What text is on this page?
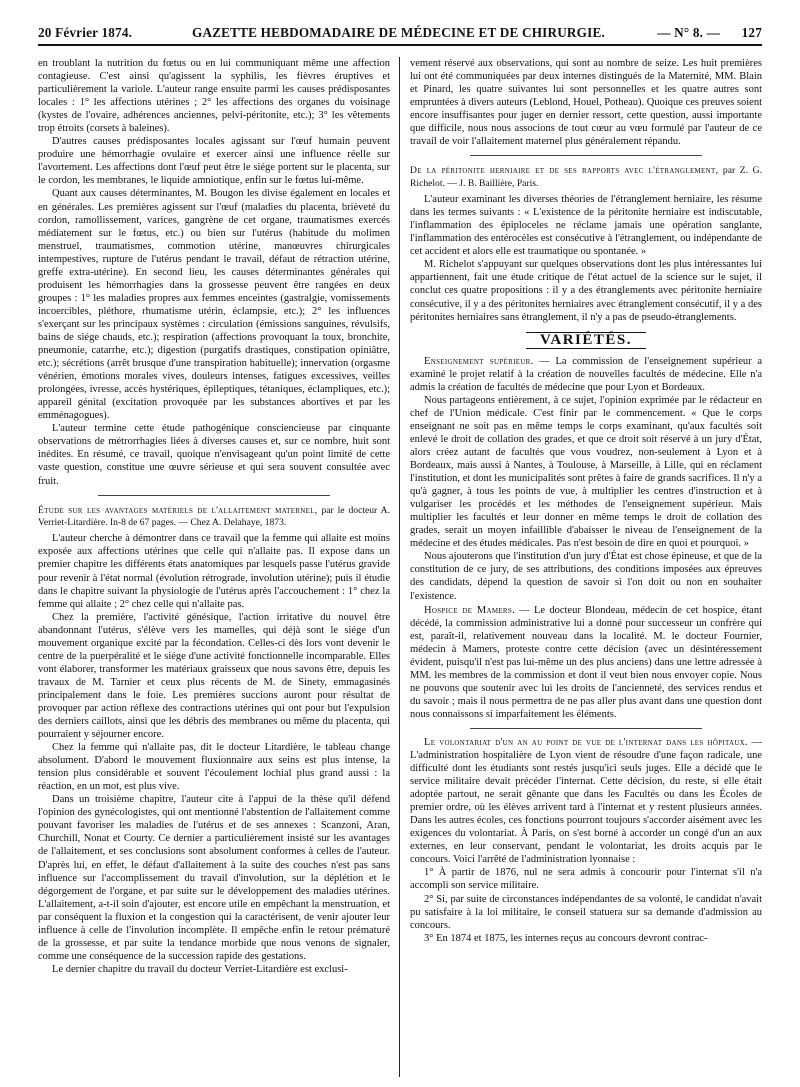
20 Février 1874.	GAZETTE HEBDOMADAIRE DE MÉDECINE ET DE CHIRURGIE.	— N° 8. — 127

en troublant la nutrition du fœtus ou en lui communiquant même une affection contagieuse. C'est ainsi qu'agissent la syphilis, les fièvres éruptives et particulièrement la variole. L'auteur range ensuite parmi les causes prédisposantes locales : 1° les affections utérines ; 2° les affections des organes du voisinage (kystes de l'ovaire, adhérences anciennes, pelvi-péritonite, etc.); 3° les vêtements trop étroits (corsets à baleines).

D'autres causes prédisposantes locales agissant sur l'œuf humain peuvent produire une hémorrhagie ovulaire et exercer ainsi une influence réelle sur l'avortement. Les affections dont l'œuf peut être le siége portent sur le placenta, sur le cordon, les membranes, le liquide amniotique, enfin sur le fœtus lui-même.

Quant aux causes déterminantes, M. Bougon les divise également en locales et en générales. Les premières agissent sur l'œuf (maladies du placenta, brièveté du cordon, ramollissement, varices, gangrène de cet organe, traumatismes exercés médiatement sur le fœtus, etc.) ou bien sur l'utérus (habitude du molimen menstruel, traumatismes, commotion utérine, manœuvres chirurgicales intempestives, rupture de l'utérus pendant le travail, défaut de rétraction utérine, greffe extra-utérine). En second lieu, les causes déterminantes générales qui produisent les hémorrhagies dans la grossesse peuvent être rangées en deux groupes : 1° les maladies propres aux femmes enceintes (gastralgie, vomissements incoercibles, pléthore, rhumatisme utérin, éclampsie, etc.); 2° les influences s'exerçant sur les principaux systèmes : circulation (émissions sanguines, révulsifs, bains de siége chauds, etc.); respiration (affections provoquant la toux, bronchite, pneumonie, catarrhe, etc.); digestion (purgatifs drastiques, constipation opiniâtre, etc.); sécrétions (arrêt brusque d'une transpiration habituelle); innervation (orgasme vénérien, émotions morales vives, douleurs intenses, fatigues excessives, veilles prolongées, ivresse, accès hystériques, épileptiques, tétaniques, éclampliques, etc.); appareil génital (excitation provoquée par les substances abortives et par les emménagogues).

L'auteur termine cette étude pathogénique consciencieuse par cinquante observations de métrorrhagies liées à diverses causes et, sur ce nombre, huit sont inédites. En résumé, ce travail, quoique n'envisageant qu'un point limité de cette vaste question, constitue une œuvre sérieuse et qui sera souvent consultée avec fruit.

Étude sur les avantages matériels de l'allaitement maternel, par le docteur A. Verriet-Litardière. In-8 de 67 pages. — Chez A. Delahaye, 1873.

L'auteur cherche à démontrer dans ce travail que la femme qui allaite est moins exposée aux affections utérines que celle qui n'allaite pas. Il expose dans un premier chapitre les différents états anatomiques par lesquels passe l'utérus gravide pour revenir à l'état normal (évolution rétrograde, involution utérine); puis il étudie dans le chapitre suivant la physiologie de l'utérus après l'accouchement : 1° chez la femme qui allaite ; 2° chez celle qui n'allaite pas.

Chez la première, l'activité génésique, l'action irritative du nouvel être abandonnant l'utérus, s'élève vers les mamelles, qui déjà sont le siége d'un mouvement organique excité par la fécondation. Celles-ci dès lors vont devenir le centre de la puerpéralité et le siége d'une activité fonctionnelle incomparable. Elles vont élaborer, transformer les matériaux graisseux que nous savons être, depuis les travaux de M. Tarnier et ceux plus récents de M. de Sinety, emmagasinés principalement dans le foie. Les premières succions auront pour résultat de provoquer par action réflexe des contractions utérines qui ont pour but l'expulsion des derniers caillots, ainsi que les débris des membranes ou même du placenta, qui pourraient y séjourner encore.

Chez la femme qui n'allaite pas, dit le docteur Litardière, le tableau change absolument. D'abord le mouvement fluxionnaire aux seins est plus intense, la tension plus considérable et souvent l'écoulement lochial plus grand aussi : la réaction, en un mot, est plus vive.

Dans un troisième chapitre, l'auteur cite à l'appui de la thèse qu'il défend l'opinion des gynécologistes, qui ont mentionné l'abstention de l'allaitement comme pouvant favoriser les maladies de l'utérus et de ses annexes : Scanzoni, Aran, Churchill, Nonat et Courty. Ce dernier a particulièrement insisté sur les avantages de l'allaitement, et ses conclusions sont absolument conformes à celles de l'auteur. D'après lui, en effet, le défaut d'allaitement à la suite des couches n'est pas sans influence sur l'accomplissement du travail d'involution, sur la déplétion et le dégorgement de l'organe, et par suite sur le développement des maladies utérines. L'allaitement, a-t-il soin d'ajouter, est encore utile en empêchant la menstruation, et par conséquent la fluxion et la congestion qui la caractérisent, de venir ajouter leur influence à celle de l'involution incomplète. Il empêche enfin le retour prématuré de la grossesse, et par suite la tendance morbide que nous venons de signaler, comme une conséquence de la succession rapide des gestations.

Le dernier chapitre du travail du docteur Verriet-Litardière est exclusi-

vement réservé aux observations, qui sont au nombre de seize. Les huit premières lui ont été communiquées par deux internes distingués de la Maternité, MM. Blain et Pinard, les quatre suivantes lui sont personnelles et les quatre autres sont empruntées à divers auteurs (Leblond, Houel, Potheau). Quoique ces preuves soient encore insuffisantes pour juger en dernier ressort, cette question, aussi importante que difficile, nous nous associons de tout cœur au vœu formulé par l'auteur de ce travail de voir l'allaitement maternel plus généralement répandu.

De la péritonite herniaire et de ses rapports avec l'étranglement, par Z. G. Richelot. — J. B. Baillière, Paris.

L'auteur examinant les diverses théories de l'étranglement herniaire, les résume dans les termes suivants : « L'existence de la péritonite herniaire est indiscutable, l'inflammation des épiploceles ne réclame jamais une opération sanglante, l'inflammation des entérocèles est consécutive à l'étranglement, ou indépendante de cet accident et alors elle est traumatique ou spontanée. »

M. Richelot s'appuyant sur quelques observations dont les plus intéressantes lui appartiennent, fait une étude critique de l'état actuel de la science sur le sujet, il conclut ces quatre propositions : il y a des étranglements avec péritonite herniaire consécutive, il y a des péritonites herniaires avec étranglement consécutif, il y a des péritonites herniaires sans étranglement, il n'y a pas de pseudo-étranglements.

VARIÉTÉS.

Enseignement supérieur. — La commission de l'enseignement supérieur a examiné le projet relatif à la création de nouvelles facultés de médecine. Elle n'a admis la création de facultés de médecine que pour Lyon et Bordeaux.

Nous partageons entièrement, à ce sujet, l'opinion exprimée par le rédacteur en chef de l'Union médicale. C'est finir par le commencement. « Que le corps enseignant ne soit pas en même temps le corps examinant, qu'aux facultés soit enlevé le droit de collation des grades, et que ce droit soit réservé à un jury d'État, alors créez autant de facultés que vous voudrez, non-seulement à Lyon et à Bordeaux, mais aussi à Nantes, à Toulouse, à Marseille, à Lille, qui en réclament l'institution, et dont les municipalités sont prêtes à faire de grands sacrifices. Il n'y a qu'à gagner, à tous les points de vue, à multiplier les centres d'instruction et à vulgariser les procédés et les méthodes de l'enseignement supérieur. Mais multiplier les facultés et leur donner en même temps le droit de collation des grades, serait un moyen infaillible d'abaisser le niveau de l'enseignement de la médecine et des études médicales. Pas n'est besoin de dire en quoi et pourquoi. »

Nous ajouterons que l'institution d'un jury d'État est chose épineuse, et que de la constitution de ce jury, de ses attributions, des conditions imposées aux épreuves des candidats, dépend la question de savoir si l'on doit ou non en souhaiter l'existence.

Hospice de Mamers. — Le docteur Blondeau, médecin de cet hospice, étant décédé, la commission administrative lui a donné pour successeur un confrère qui est, paraît-il, relativement nouveau dans la localité. M. le docteur Fournier, médecin à Mamers, proteste contre cette décision (avec un désintéressement évident, puisqu'il n'est pas lui-même un des plus anciens) dans une lettre adressée à MM. les membres de la commission et dont il veut bien nous envoyer copie. Nous ne pouvons que soutenir avec lui les droits de l'ancienneté, des services rendus et du savoir ; mais il nous permettra de ne pas aller plus avant dans une question dont nous connaissons si imparfaitement les éléments.

Le volontariat d'un an au point de vue de l'internat dans les hôpitaux. — L'administration hospitalière de Lyon vient de résoudre d'une façon radicale, une difficulté dont les étudiants sont restés jusqu'ici seuls juges. Elle a décidé que le service militaire devait précéder l'internat. Cette décision, du reste, si elle était adoptée partout, ne serait gênante que dans les Facultés ou dans les Écoles de premier ordre, où les élèves arrivent tard à l'internat et y restent plusieurs années. Dans les autres écoles, ces fonctions pourront toujours s'accorder aisément avec les exigences du volontariat. À Paris, on s'est borné à accorder un congé d'un an aux externes, en leur conservant, pendant le volontariat, les droits acquis par le concours. Voici l'arrêté de l'administration lyonnaise :

1° À partir de 1876, nul ne sera admis à concourir pour l'internat s'il n'a accompli son service militaire.

2° Si, par suite de circonstances indépendantes de sa volonté, le candidat n'avait pu satisfaire à la loi militaire, le conseil statuera sur sa demande d'admission au concours.

3° En 1874 et 1875, les internes reçus au concours devront contrac-
